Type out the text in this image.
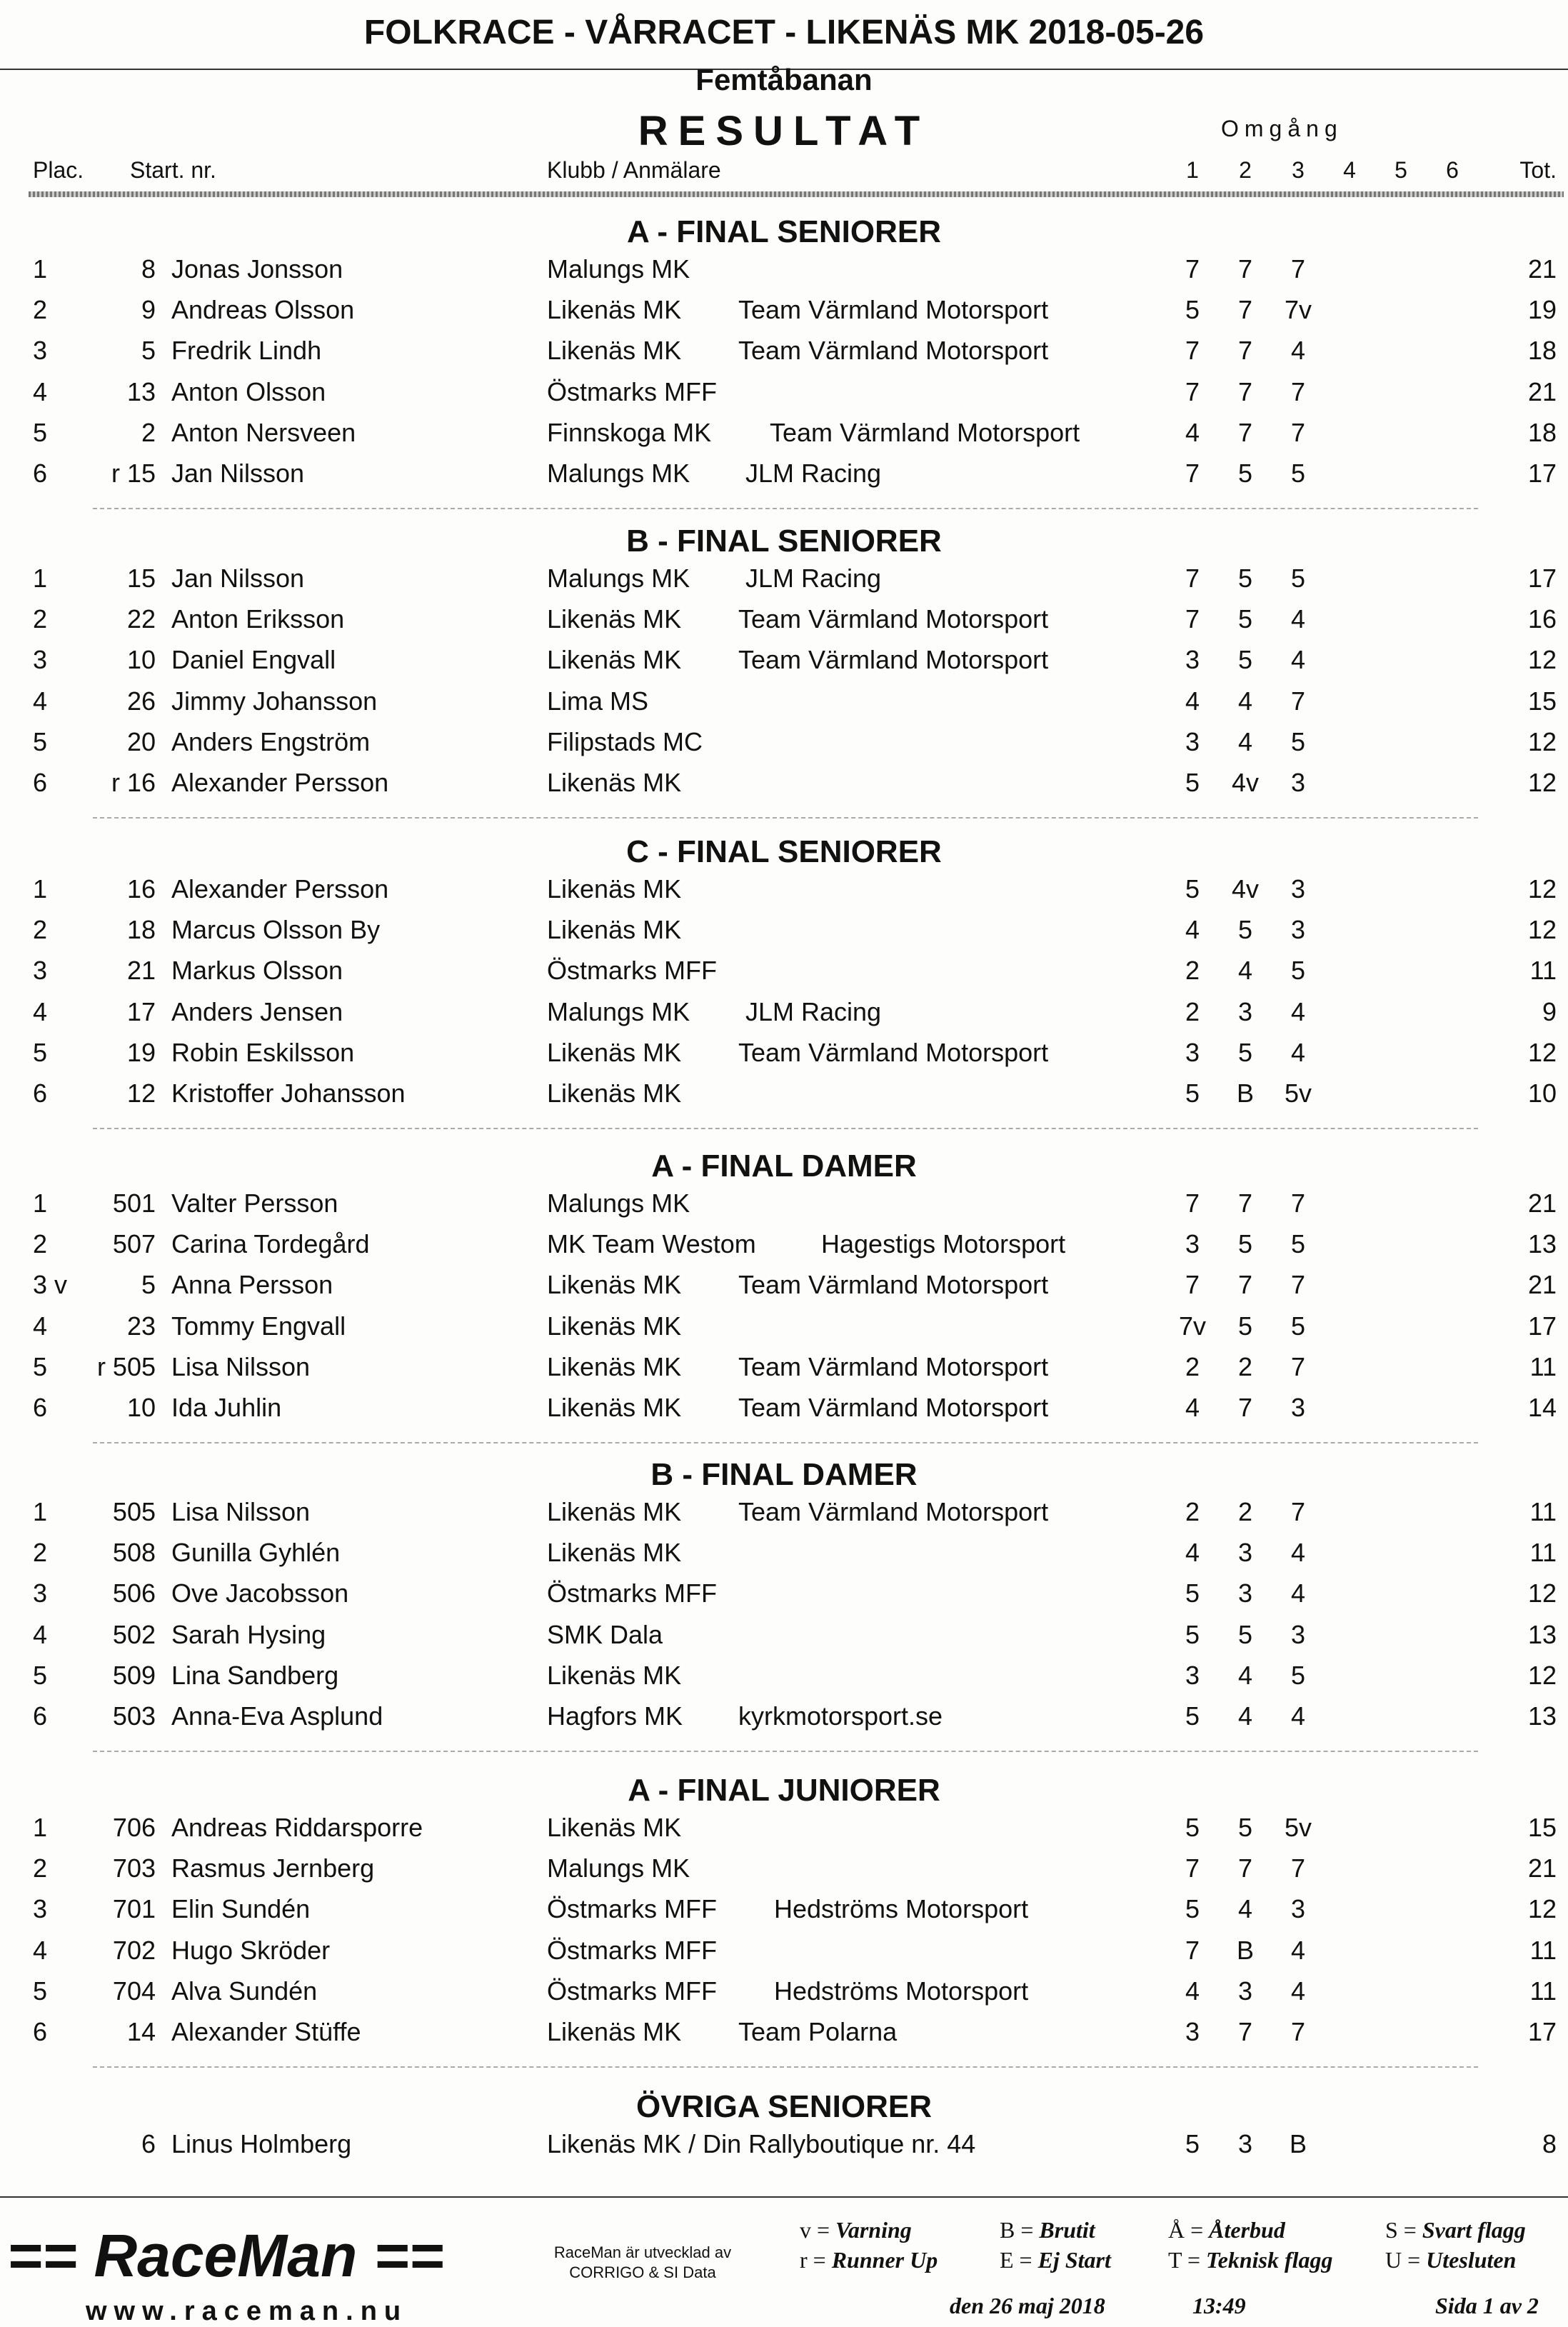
FOLKRACE - VÅRRACET - LIKENÄS MK 2018-05-26
Femtåbanan
RESULTAT	Omgång
Plac. Start. nr.	Klubb / Anmälare	1	2	3	4	5	6	Tot.
A - FINAL SENIORER
1	8 Jonas Jonsson	Malungs MK	7	7	7	21
2	9 Andreas Olsson	Likenäs MK Team Värmland Motorsport	5	7	7v	19
3	5 Fredrik Lindh	Likenäs MK Team Värmland Motorsport	7	7	4	18
4	13 Anton Olsson	Östmarks MFF	7	7	7	21
5	2 Anton Nersveen	Finnskoga MK Team Värmland Motorsport	4	7	7	18
6	r 15 Jan Nilsson	Malungs MK JLM Racing	7	5	5	17
B - FINAL SENIORER
1	15 Jan Nilsson	Malungs MK JLM Racing	7	5	5	17
2	22 Anton Eriksson	Likenäs MK Team Värmland Motorsport	7	5	4	16
3	10 Daniel Engvall	Likenäs MK Team Värmland Motorsport	3	5	4	12
4	26 Jimmy Johansson	Lima MS	4	4	7	15
5	20 Anders Engström	Filipstads MC	3	4	5	12
6	r 16 Alexander Persson	Likenäs MK	5	4v	3	12
C - FINAL SENIORER
1	16 Alexander Persson	Likenäs MK	5	4v	3	12
2	18 Marcus Olsson By	Likenäs MK	4	5	3	12
3	21 Markus Olsson	Östmarks MFF	2	4	5	11
4	17 Anders Jensen	Malungs MK JLM Racing	2	3	4	9
5	19 Robin Eskilsson	Likenäs MK Team Värmland Motorsport	3	5	4	12
6	12 Kristoffer Johansson	Likenäs MK	5	B	5v	10
A - FINAL DAMER
1	501 Valter Persson	Malungs MK	7	7	7	21
2	507 Carina Tordegård	MK Team Westom	Hagestigs Motorsport	3	5	5	13
3 v	5 Anna Persson	Likenäs MK Team Värmland Motorsport	7	7	7	21
4	23 Tommy Engvall	Likenäs MK	7v	5	5	17
5	r 505 Lisa Nilsson	Likenäs MK Team Värmland Motorsport	2	2	7	11
6	10 Ida Juhlin	Likenäs MK Team Värmland Motorsport	4	7	3	14
B - FINAL DAMER
1	505 Lisa Nilsson	Likenäs MK Team Värmland Motorsport	2	2	7	11
2	508 Gunilla Gyhlén	Likenäs MK	4	3	4	11
3	506 Ove Jacobsson	Östmarks MFF	5	3	4	12
4	502 Sarah Hysing	SMK Dala	5	5	3	13
5	509 Lina Sandberg	Likenäs MK	3	4	5	12
6	503 Anna-Eva Asplund	Hagfors MK kyrkmotorsport.se	5	4	4	13
A - FINAL JUNIORER
1	706 Andreas Riddarsporre	Likenäs MK	5	5	5v	15
2	703 Rasmus Jernberg	Malungs MK	7	7	7	21
3	701 Elin Sundén	Östmarks MFF Hedströms Motorsport	5	4	3	12
4	702 Hugo Skröder	Östmarks MFF	7	B	4	11
5	704 Alva Sundén	Östmarks MFF Hedströms Motorsport	4	3	4	11
6	14 Alexander Stüffe	Likenäs MK Team Polarna	3	7	7	17
ÖVRIGA SENIORER
6 Linus Holmberg	Likenäs MK / Din Rallyboutique nr. 44	5	3	B	8
== RaceMan ==
www.raceman.nu
RaceMan är utvecklad av
CORRIGO & SI Data
v = Varning
r = Runner Up
B = Brutit
E = Ej Start
Å = Återbud
T = Teknisk flagg
S = Svart flagg
U = Utesluten
den 26 maj 2018	13:49	Sida 1 av 2
